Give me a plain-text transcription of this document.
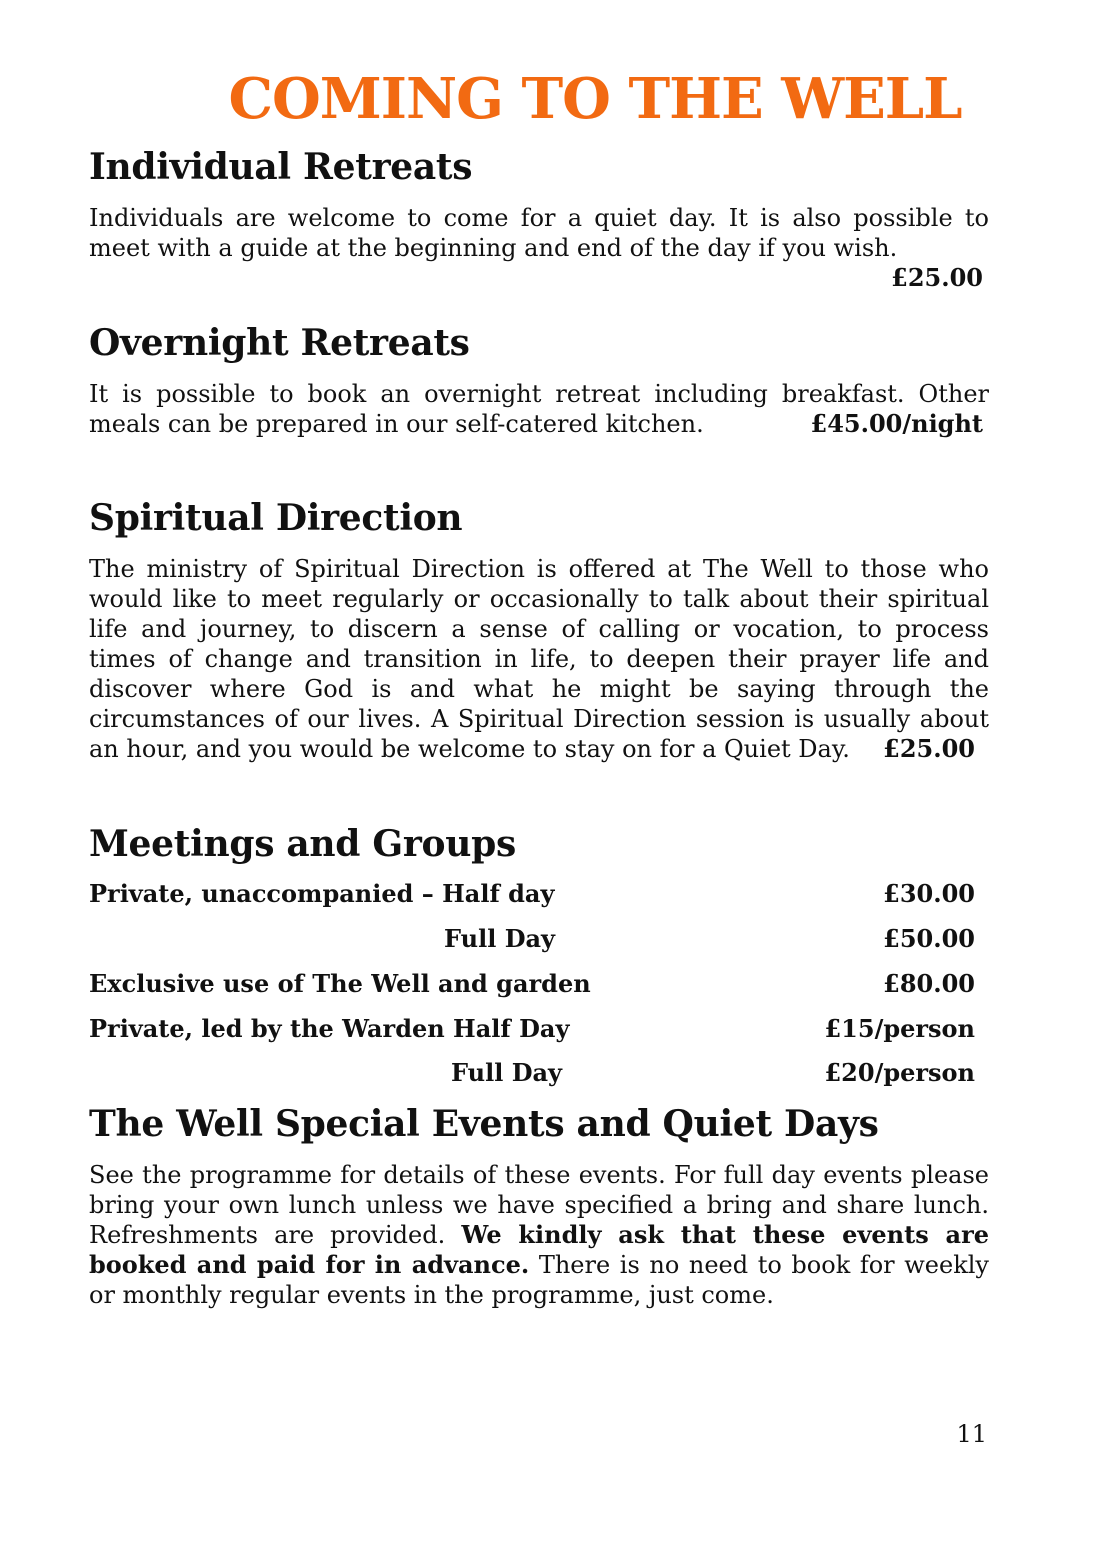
COMING TO THE WELL
Individual Retreats

Individuals are welcome to come for a quiet day. It is also possible to meet with a guide at the beginning and end of the day if you wish.
£25.00

Overnight Retreats

It is possible to book an overnight retreat including breakfast. Other meals can be prepared in our self-catered kitchen.	£45.00/night

Spiritual Direction

The ministry of Spiritual Direction is offered at The Well to those who would like to meet regularly or occasionally to talk about their spiritual life and journey, to discern a sense of calling or vocation, to process times of change and transition in life, to deepen their prayer life and discover where God is and what he might be saying through the circumstances of our lives. A Spiritual Direction session is usually about an hour, and you would be welcome to stay on for a Quiet Day. £25.00

Meetings and Groups
Private, unaccompanied – Half day	£30.00
Full Day	£50.00
Exclusive use of The Well and garden	£80.00
Private, led by the Warden Half Day	£15/person
Full Day	£20/person
The Well Special Events and Quiet Days

See the programme for details of these events. For full day events please bring your own lunch unless we have specified a bring and share lunch. Refreshments are provided. We kindly ask that these events are booked and paid for in advance. There is no need to book for weekly or monthly regular events in the programme, just come.

11
